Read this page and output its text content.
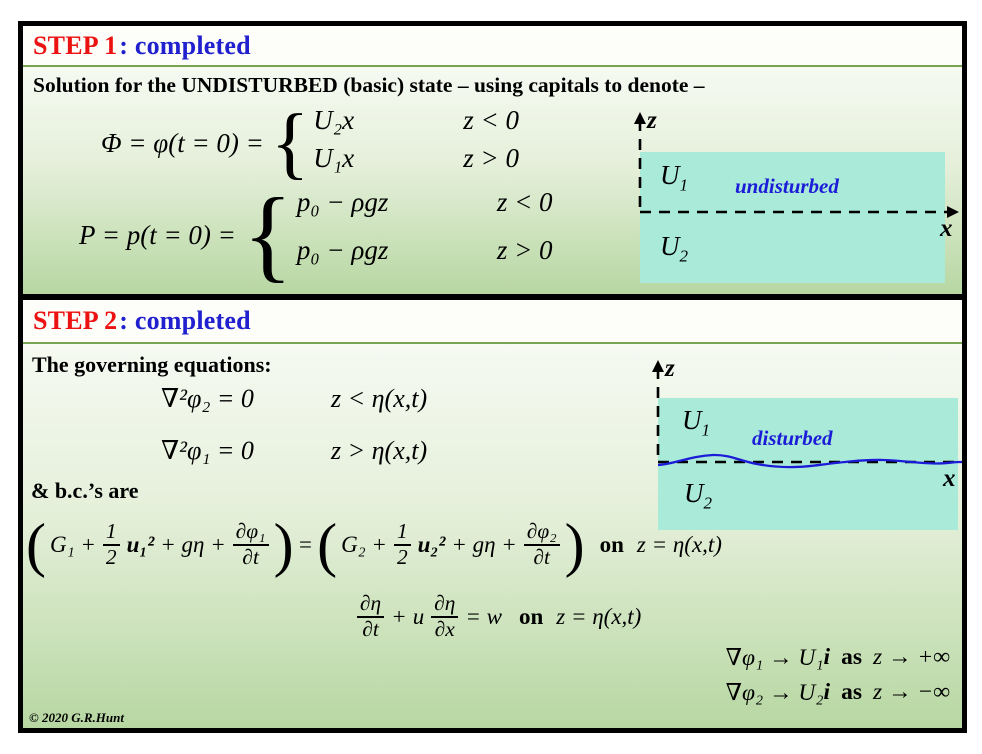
STEP 1 : completed
Solution for the UNDISTURBED (basic) state – using capitals to denote –
Φ = φ(t = 0) = { U₂x	z < 0
U₁x	z > 0
P = p(t = 0) = { p₀ − ρgz	z < 0
p₀ − ρgz	z > 0
z
$U_1$ undisturbed
x
$U_2$
STEP 2 : completed
The governing equations:
∇²φ₂ = 0	z < η(x,t)
∇²φ₁ = 0	z > η(x,t)
& b.c.’s are
( $G_1 + \frac{1}{2} u_1^2 + g\eta + \frac{\text{∂φ₁}}{\partial t}$ ) = ( $G_2 + \frac{1}{2} u_2^2 + g\eta + \frac{\text{∂φ₂}}{\partial t}$ ) on z = η(x,t)
$\frac{\partial\eta}{\partial t} + u \frac{\partial\eta}{\partial x} = w$ on z = η(x,t)
∇φ₁ → U₁ i as z → +∞
∇φ₂ → U₂ i as z → −∞
z
$U_1$ disturbed
x
$U_2$
© 2020 G.R.Hunt
